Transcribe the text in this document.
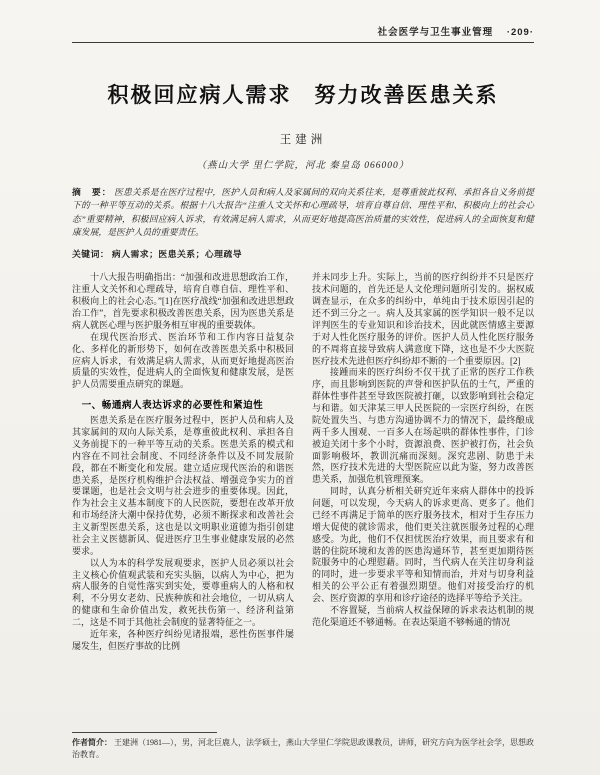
社会医学与卫生事业管理 ·209·
积极回应病人需求　努力改善医患关系
王建洲
（燕山大学 里仁学院，河北 秦皇岛 066000）

摘　要： 医患关系是在医疗过程中，医护人员和病人及家属间的双向关系往来，是尊重彼此权利、承担各自义务前提下的一种平等互动的关系。根据十八大报告“注重人文关怀和心理疏导，培育自尊自信、理性平和、积极向上的社会心态”重要精神，积极回应病人诉求，有效满足病人需求，从而更好地提高医治质量的实效性，促进病人的全面恢复和健康发展，是医护人员的重要责任。

关键词： 病人需求；医患关系；心理疏导

十八大报告明确指出：“加强和改进思想政治工作，注重人文关怀和心理疏导，培育自尊自信、理性平和、积极向上的社会心态。”[1]在医疗战线“加强和改进思想政治工作”，首先要求积极改善医患关系，因为医患关系是病人就医心理与医护服务相互审视的重要载体。

在现代医治形式、医治环节和工作内容日益复杂化、多样化的新形势下，如何在改善医患关系中积极回应病人诉求，有效满足病人需求，从而更好地提高医治质量的实效性，促进病人的全面恢复和健康发展，是医护人员需要重点研究的课题。

一、畅通病人表达诉求的必要性和紧迫性

医患关系是在医疗服务过程中，医护人员和病人及其家属间的双向人际关系，是尊重彼此权利、承担各自义务前提下的一种平等互动的关系。医患关系的模式和内容在不同社会制度、不同经济条件以及不同发展阶段，都在不断变化和发展。建立适应现代医治的和谐医患关系，是医疗机构维护合法权益、增强竞争实力的首要课题，也是社会文明与社会进步的重要体现。因此，作为社会主义基本制度下的人民医院，要想在改革开放和市场经济大潮中保持优势，必须不断探求和改善社会主义新型医患关系，这也是以文明职业道德为指引创建社会主义医德新风、促进医疗卫生事业健康发展的必然要求。

以人为本的科学发展观要求，医护人员必须以社会主义核心价值观武装和充实头脑，以病人为中心，把为病人服务的自觉性落实到实处，要尊重病人的人格和权利，不分男女老幼、民族种族和社会地位，一切从病人的健康和生命价值出发，救死扶伤第一、经济利益第二，这是不同于其他社会制度的显著特征之一。

近年来，各种医疗纠纷见诸报端，恶性伤医事件屡屡发生，但医疗事故的比例

并未同步上升。实际上，当前的医疗纠纷并不只是医疗技术问题的，首先还是人文伦理问题所引发的。据权威调查显示，在众多的纠纷中，单纯由于技术原因引起的还不到三分之一。病人及其家属的医学知识一般不足以评判医生的专业知识和诊治技术，因此就医情感主要源于对人性化医疗服务的评价。医护人员人性化医疗服务的不周将直接导致病人满意度下降，这也是不少大医院医疗技术先进但医疗纠纷却不断的一个重要原因。[2]

接踵而来的医疗纠纷不仅干扰了正常的医疗工作秩序，而且影响到医院的声誉和医护队伍的士气，严重的群体性事件甚至导致医院被打砸，以致影响到社会稳定与和谐。如天津某三甲人民医院的一宗医疗纠纷，在医院处置失当、与患方沟通协调不力的情况下，最终酿成两千多人围观、一百多人在场起哄的群体性事件，门诊被迫关闭十多个小时，资源浪费、医护被打伤，社会负面影响极坏，教训沉痛而深刻。深究悲剧、防患于未然，医疗技术先进的大型医院应以此为鉴，努力改善医患关系，加强危机管理预案。

同时，认真分析相关研究近年来病人群体中的投诉问题，可以发现，今天病人的诉求更高、更多了。他们已经不再满足于简单的医疗服务技术，相对于生存压力增大促使的就诊需求，他们更关注就医服务过程的心理感受。为此，他们不仅担忧医治疗效果，而且要求有和谐的住院环境和友善的医患沟通环节，甚至更加期待医院服务中的心理慰藉。同时，当代病人在关注切身利益的同时，进一步要求平等和知情而治，并对与切身利益相关的公平公正有着强烈期望。他们对接受治疗的机会、医疗资源的享用和诊疗途径的选择平等给予关注。

不容置疑，当前病人权益保障的诉求表达机制的规范化渠道还不够通畅。在表达渠道不够畅通的情况

作者简介： 王建洲（1981—），男，河北巨鹿人，法学硕士，燕山大学里仁学院思政课教员，讲师，研究方向为医学社会学，思想政治教育。
